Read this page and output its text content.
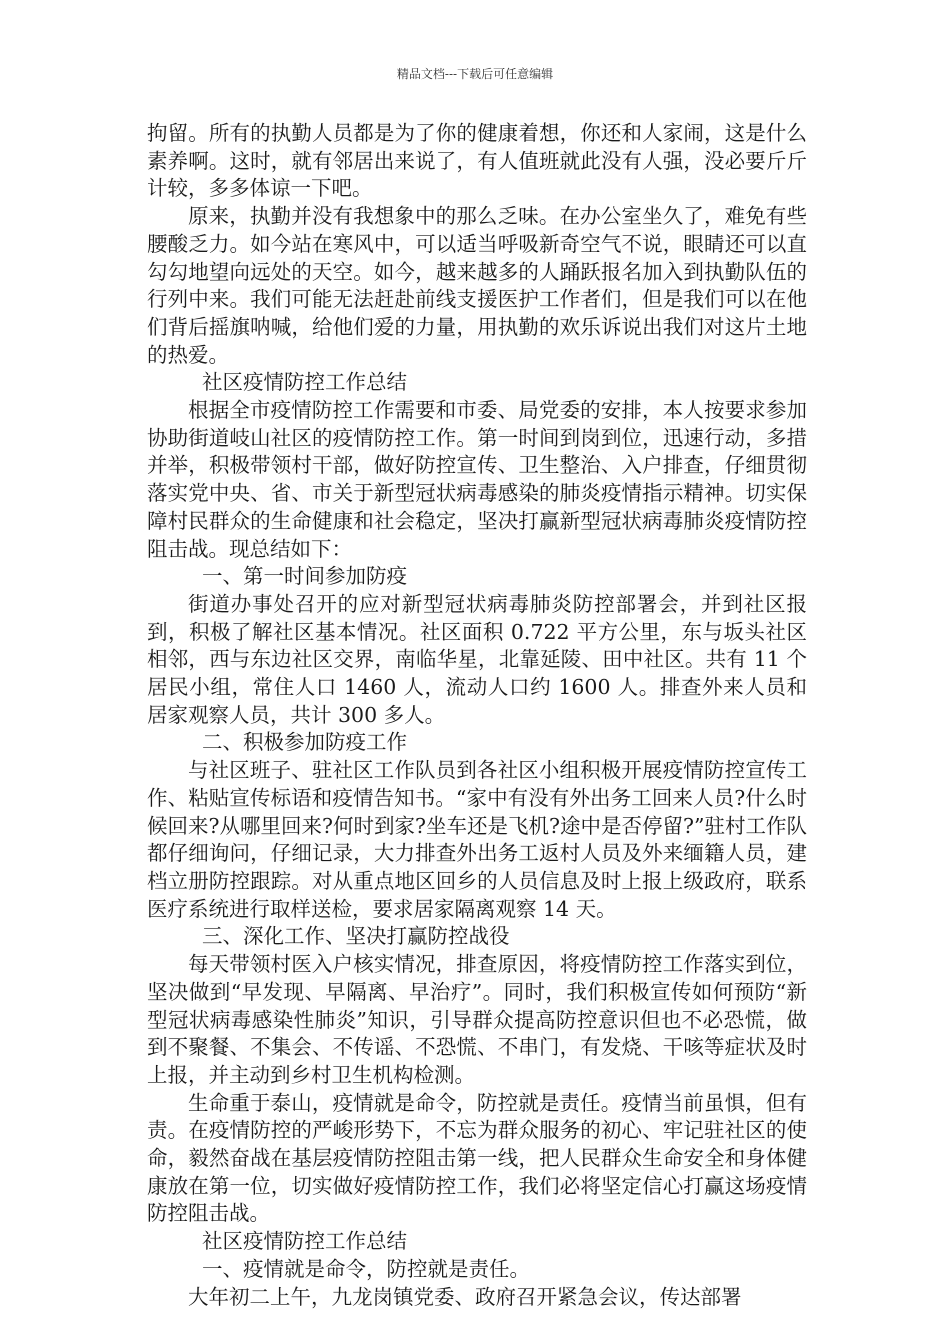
精品文档---下载后可任意编辑

拘留。所有的执勤人员都是为了你的健康着想，你还和人家闹，这是什么素养啊。这时，就有邻居出来说了，有人值班就此没有人强，没必要斤斤计较，多多体谅一下吧。

原来，执勤并没有我想象中的那么乏味。在办公室坐久了，难免有些腰酸乏力。如今站在寒风中，可以适当呼吸新奇空气不说，眼睛还可以直勾勾地望向远处的天空。如今，越来越多的人踊跃报名加入到执勤队伍的行列中来。我们可能无法赶赴前线支援医护工作者们，但是我们可以在他们背后摇旗呐喊，给他们爱的力量，用执勤的欢乐诉说出我们对这片土地的热爱。

社区疫情防控工作总结

根据全市疫情防控工作需要和市委、局党委的安排，本人按要求参加协助街道岐山社区的疫情防控工作。第一时间到岗到位，迅速行动，多措并举，积极带领村干部，做好防控宣传、卫生整治、入户排查，仔细贯彻落实党中央、省、市关于新型冠状病毒感染的肺炎疫情指示精神。切实保障村民群众的生命健康和社会稳定，坚决打赢新型冠状病毒肺炎疫情防控阻击战。现总结如下：

一、第一时间参加防疫

街道办事处召开的应对新型冠状病毒肺炎防控部署会，并到社区报到，积极了解社区基本情况。社区面积 0.722 平方公里，东与坂头社区相邻，西与东边社区交界，南临华星，北靠延陵、田中社区。共有 11 个居民小组，常住人口 1460 人，流动人口约 1600 人。排查外来人员和居家观察人员，共计 300 多人。

二、积极参加防疫工作

与社区班子、驻社区工作队员到各社区小组积极开展疫情防控宣传工作、粘贴宣传标语和疫情告知书。“家中有没有外出务工回来人员?什么时候回来?从哪里回来?何时到家?坐车还是飞机?途中是否停留?”驻村工作队都仔细询问，仔细记录，大力排查外出务工返村人员及外来缅籍人员，建档立册防控跟踪。对从重点地区回乡的人员信息及时上报上级政府，联系医疗系统进行取样送检，要求居家隔离观察 14 天。

三、深化工作、坚决打赢防控战役

每天带领村医入户核实情况，排查原因，将疫情防控工作落实到位，坚决做到“早发现、早隔离、早治疗”。同时，我们积极宣传如何预防“新型冠状病毒感染性肺炎”知识，引导群众提高防控意识但也不必恐慌，做到不聚餐、不集会、不传谣、不恐慌、不串门，有发烧、干咳等症状及时上报，并主动到乡村卫生机构检测。

生命重于泰山，疫情就是命令，防控就是责任。疫情当前虽惧，但有责。在疫情防控的严峻形势下，不忘为群众服务的初心、牢记驻社区的使命，毅然奋战在基层疫情防控阻击第一线，把人民群众生命安全和身体健康放在第一位，切实做好疫情防控工作，我们必将坚定信心打赢这场疫情防控阻击战。

社区疫情防控工作总结

一、疫情就是命令，防控就是责任。

大年初二上午，九龙岗镇党委、政府召开紧急会议，传达部署
